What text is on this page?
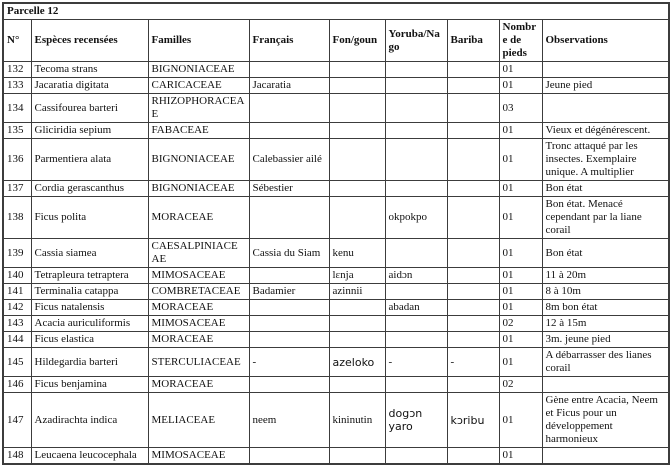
Parcelle 12								
N°	Espèces recensées	Familles	Français	Fon/goun	Yoruba/Nago	Bariba	Nombre de pieds	Observations
132	Tecoma strans	BIGNONIACEAE					01	
133	Jacaratia digitata	CARICACEAE	Jacaratia				01	Jeune pied
134	Cassifourea barteri	RHIZOPHORACEAE					03	
135	Gliciridia sepium	FABACEAE					01	Vieux et dégénérescent.
136	Parmentiera alata	BIGNONIACEAE	Calebassier ailé				01	Tronc attaqué par les insectes. Exemplaire unique. A multiplier
137	Cordia gerascanthus	BIGNONIACEAE	Sébestier				01	Bon état
138	Ficus polita	MORACEAE			okpokpo		01	Bon état. Menacé cependant par la liane corail
139	Cassia siamea	CAESALPINIACEAE	Cassia du Siam	kenu			01	Bon état
140	Tetrapleura tetraptera	MIMOSACEAE		lɛnja	aidɔn		01	11 à 20m
141	Terminalia catappa	COMBRETACEAE	Badamier	azinnii			01	8 à 10m
142	Ficus natalensis	MORACEAE			abadan		01	8m bon état
143	Acacia auriculiformis	MIMOSACEAE					02	12 à 15m
144	Ficus elastica	MORACEAE					01	3m. jeune pied
145	Hildegardia barteri	STERCULIACEAE	-	azeloko	-	-	01	A débarrasser des lianes corail
146	Ficus benjamina	MORACEAE					02	
147	Azadirachta indica	MELIACEAE	neem	kininutin	dogɔn yaro	kɔribu	01	Gène entre Acacia, Neem et Ficus pour un développement harmonieux
148	Leucaena leucocephala	MIMOSACEAE					01	
